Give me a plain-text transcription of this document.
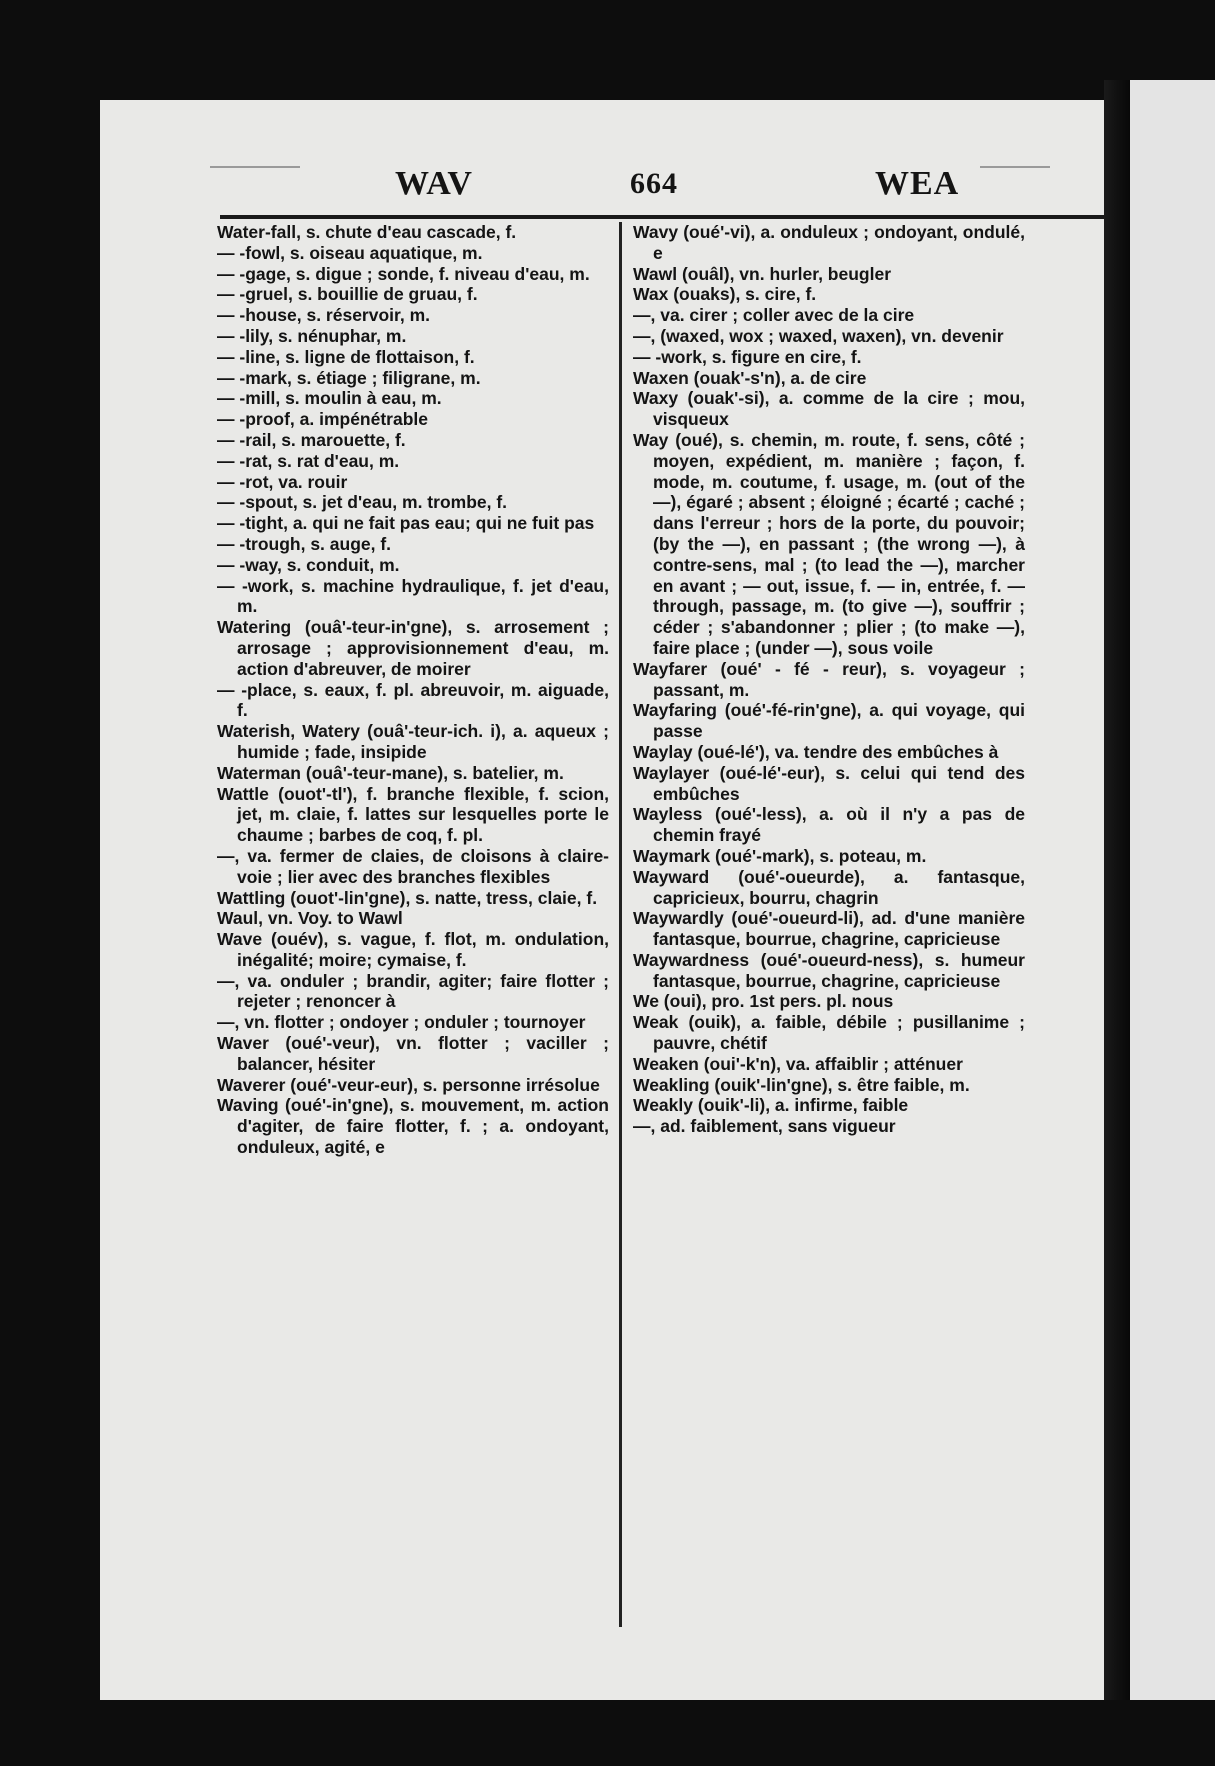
WAV	664	WEA

Water-fall, s. chute d'eau cascade, f.

— -fowl, s. oiseau aquatique, m.

— -gage, s. digue ; sonde, f. niveau d'eau, m.

— -gruel, s. bouillie de gruau, f.

— -house, s. réservoir, m.

— -lily, s. nénuphar, m.

— -line, s. ligne de flottaison, f.

— -mark, s. étiage ; filigrane, m.

— -mill, s. moulin à eau, m.

— -proof, a. impénétrable

— -rail, s. marouette, f.

— -rat, s. rat d'eau, m.

— -rot, va. rouir

— -spout, s. jet d'eau, m. trombe, f.

— -tight, a. qui ne fait pas eau; qui ne fuit pas

— -trough, s. auge, f.

— -way, s. conduit, m.

— -work, s. machine hydraulique, f. jet d'eau, m.

Watering (ouâ'-teur-in'gne), s. arrosement ; arrosage ; approvisionnement d'eau, m. action d'abreuver, de moirer

— -place, s. eaux, f. pl. abreuvoir, m. aiguade, f.

Waterish, Watery (ouâ'-teur-ich. i), a. aqueux ; humide ; fade, insipide

Waterman (ouâ'-teur-mane), s. batelier, m.

Wattle (ouot'-tl'), f. branche flexible, f. scion, jet, m. claie, f. lattes sur lesquelles porte le chaume ; barbes de coq, f. pl.

—, va. fermer de claies, de cloisons à claire-voie ; lier avec des branches flexibles

Wattling (ouot'-lin'gne), s. natte, tress, claie, f.

Waul, vn. Voy. to Wawl

Wave (ouév), s. vague, f. flot, m. ondulation, inégalité; moire; cymaise, f.

—, va. onduler ; brandir, agiter; faire flotter ; rejeter ; renoncer à

—, vn. flotter ; ondoyer ; onduler ; tournoyer

Waver (oué'-veur), vn. flotter ; vaciller ; balancer, hésiter

Waverer (oué'-veur-eur), s. personne irrésolue

Waving (oué'-in'gne), s. mouvement, m. action d'agiter, de faire flotter, f. ; a. ondoyant, onduleux, agité, e

Wavy (oué'-vi), a. onduleux ; ondoyant, ondulé, e

Wawl (ouâl), vn. hurler, beugler

Wax (ouaks), s. cire, f.

—, va. cirer ; coller avec de la cire

—, (waxed, wox ; waxed, waxen), vn. devenir

— -work, s. figure en cire, f.

Waxen (ouak'-s'n), a. de cire

Waxy (ouak'-si), a. comme de la cire ; mou, visqueux

Way (oué), s. chemin, m. route, f. sens, côté ; moyen, expédient, m. manière ; façon, f. mode, m. coutume, f. usage, m. (out of the —), égaré ; absent ; éloigné ; écarté ; caché ; dans l'erreur ; hors de la porte, du pouvoir; (by the —), en passant ; (the wrong —), à contre-sens, mal ; (to lead the —), marcher en avant ; — out, issue, f. — in, entrée, f. — through, passage, m. (to give —), souffrir ; céder ; s'abandonner ; plier ; (to make —), faire place ; (under —), sous voile

Wayfarer (oué' - fé - reur), s. voyageur ; passant, m.

Wayfaring (oué'-fé-rin'gne), a. qui voyage, qui passe

Waylay (oué-lé'), va. tendre des embûches à

Waylayer (oué-lé'-eur), s. celui qui tend des embûches

Wayless (oué'-less), a. où il n'y a pas de chemin frayé

Waymark (oué'-mark), s. poteau, m.

Wayward (oué'-oueurde), a. fantasque, capricieux, bourru, chagrin

Waywardly (oué'-oueurd-li), ad. d'une manière fantasque, bourrue, chagrine, capricieuse

Waywardness (oué'-oueurd-ness), s. humeur fantasque, bourrue, chagrine, capricieuse

We (oui), pro. 1st pers. pl. nous

Weak (ouik), a. faible, débile ; pusillanime ; pauvre, chétif

Weaken (oui'-k'n), va. affaiblir ; atténuer

Weakling (ouik'-lin'gne), s. être faible, m.

Weakly (ouik'-li), a. infirme, faible

—, ad. faiblement, sans vigueur
